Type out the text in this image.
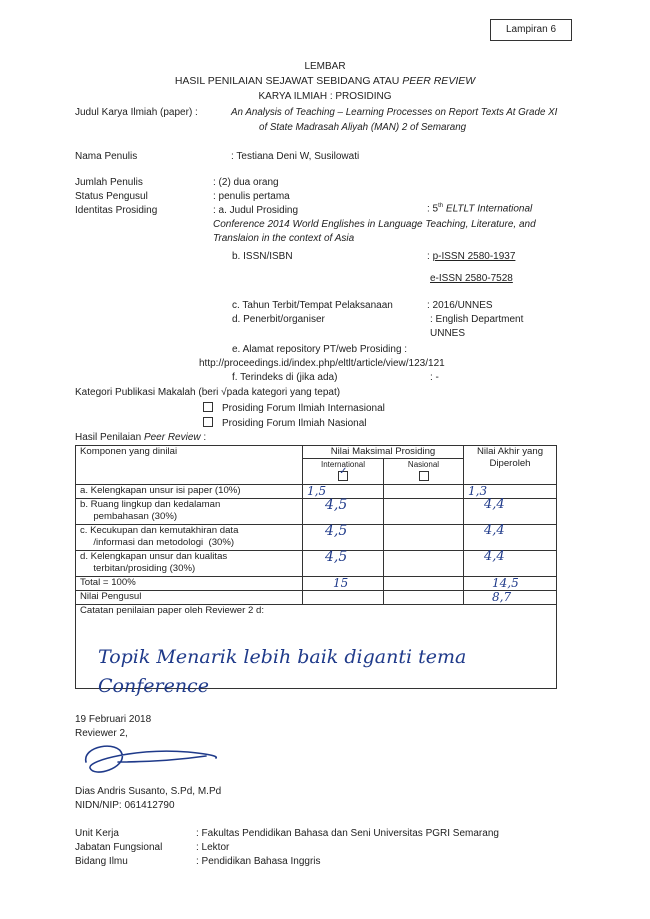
Lampiran 6
LEMBAR
HASIL PENILAIAN SEJAWAT SEBIDANG ATAU PEER REVIEW
KARYA ILMIAH : PROSIDING
Judul Karya Ilmiah (paper) :	An Analysis of Teaching – Learning Processes on Report Texts At Grade XI
of State Madrasah Aliyah (MAN) 2 of Semarang
Nama Penulis	: Testiana Deni W, Susilowati
Jumlah Penulis	: (2) dua orang
Status Pengusul	: penulis pertama
Identitas Prosiding	: a. Judul Prosiding	: 5th ELTLT International
Conference 2014 World Englishes in Language Teaching, Literature, and
Translaion in the context of Asia
b. ISSN/ISBN	: p-ISSN 2580-1937
e-ISSN 2580-7528
c. Tahun Terbit/Tempat Pelaksanaan	: 2016/UNNES
d. Penerbit/organiser	: English Department
UNNES
e. Alamat repository PT/web Prosiding :
http://proceedings.id/index.php/eltlt/article/view/123/121
f. Terindeks di (jika ada)	: -
Kategori Publikasi Makalah (beri √pada kategori yang tepat)
Prosiding Forum Ilmiah Internasional
Prosiding Forum Ilmiah Nasional
Hasil Penilaian Peer Review :
Komponen yang dinilai	Nilai Maksimal Prosiding		Nilai Akhir yang
Diperoleh

	International
✓	Nasional	

a. Kelengkapan unsur isi paper (10%)	1,5		1,3

b. Ruang lingkup dan kedalaman
pembahasan (30%)	4,5		4,4

c. Kecukupan dan kemutakhiran data
/informasi dan metodologi  (30%)	4,5		4,4

d. Kelengkapan unsur dan kualitas
terbitan/prosiding (30%)	4,5		4,4
Total = 100%	15		14,5
Nilai Pengusul			8,7

Catatan penilaian paper oleh Reviewer 2 d:			
Topik Menarik lebih baik diganti tema
Conference
19 Februari 2018
Reviewer 2,
Dias Andris Susanto, S.Pd, M.Pd
NIDN/NIP: 061412790
Unit Kerja	: Fakultas Pendidikan Bahasa dan Seni Universitas PGRI Semarang
Jabatan Fungsional	: Lektor
Bidang Ilmu	: Pendidikan Bahasa Inggris
